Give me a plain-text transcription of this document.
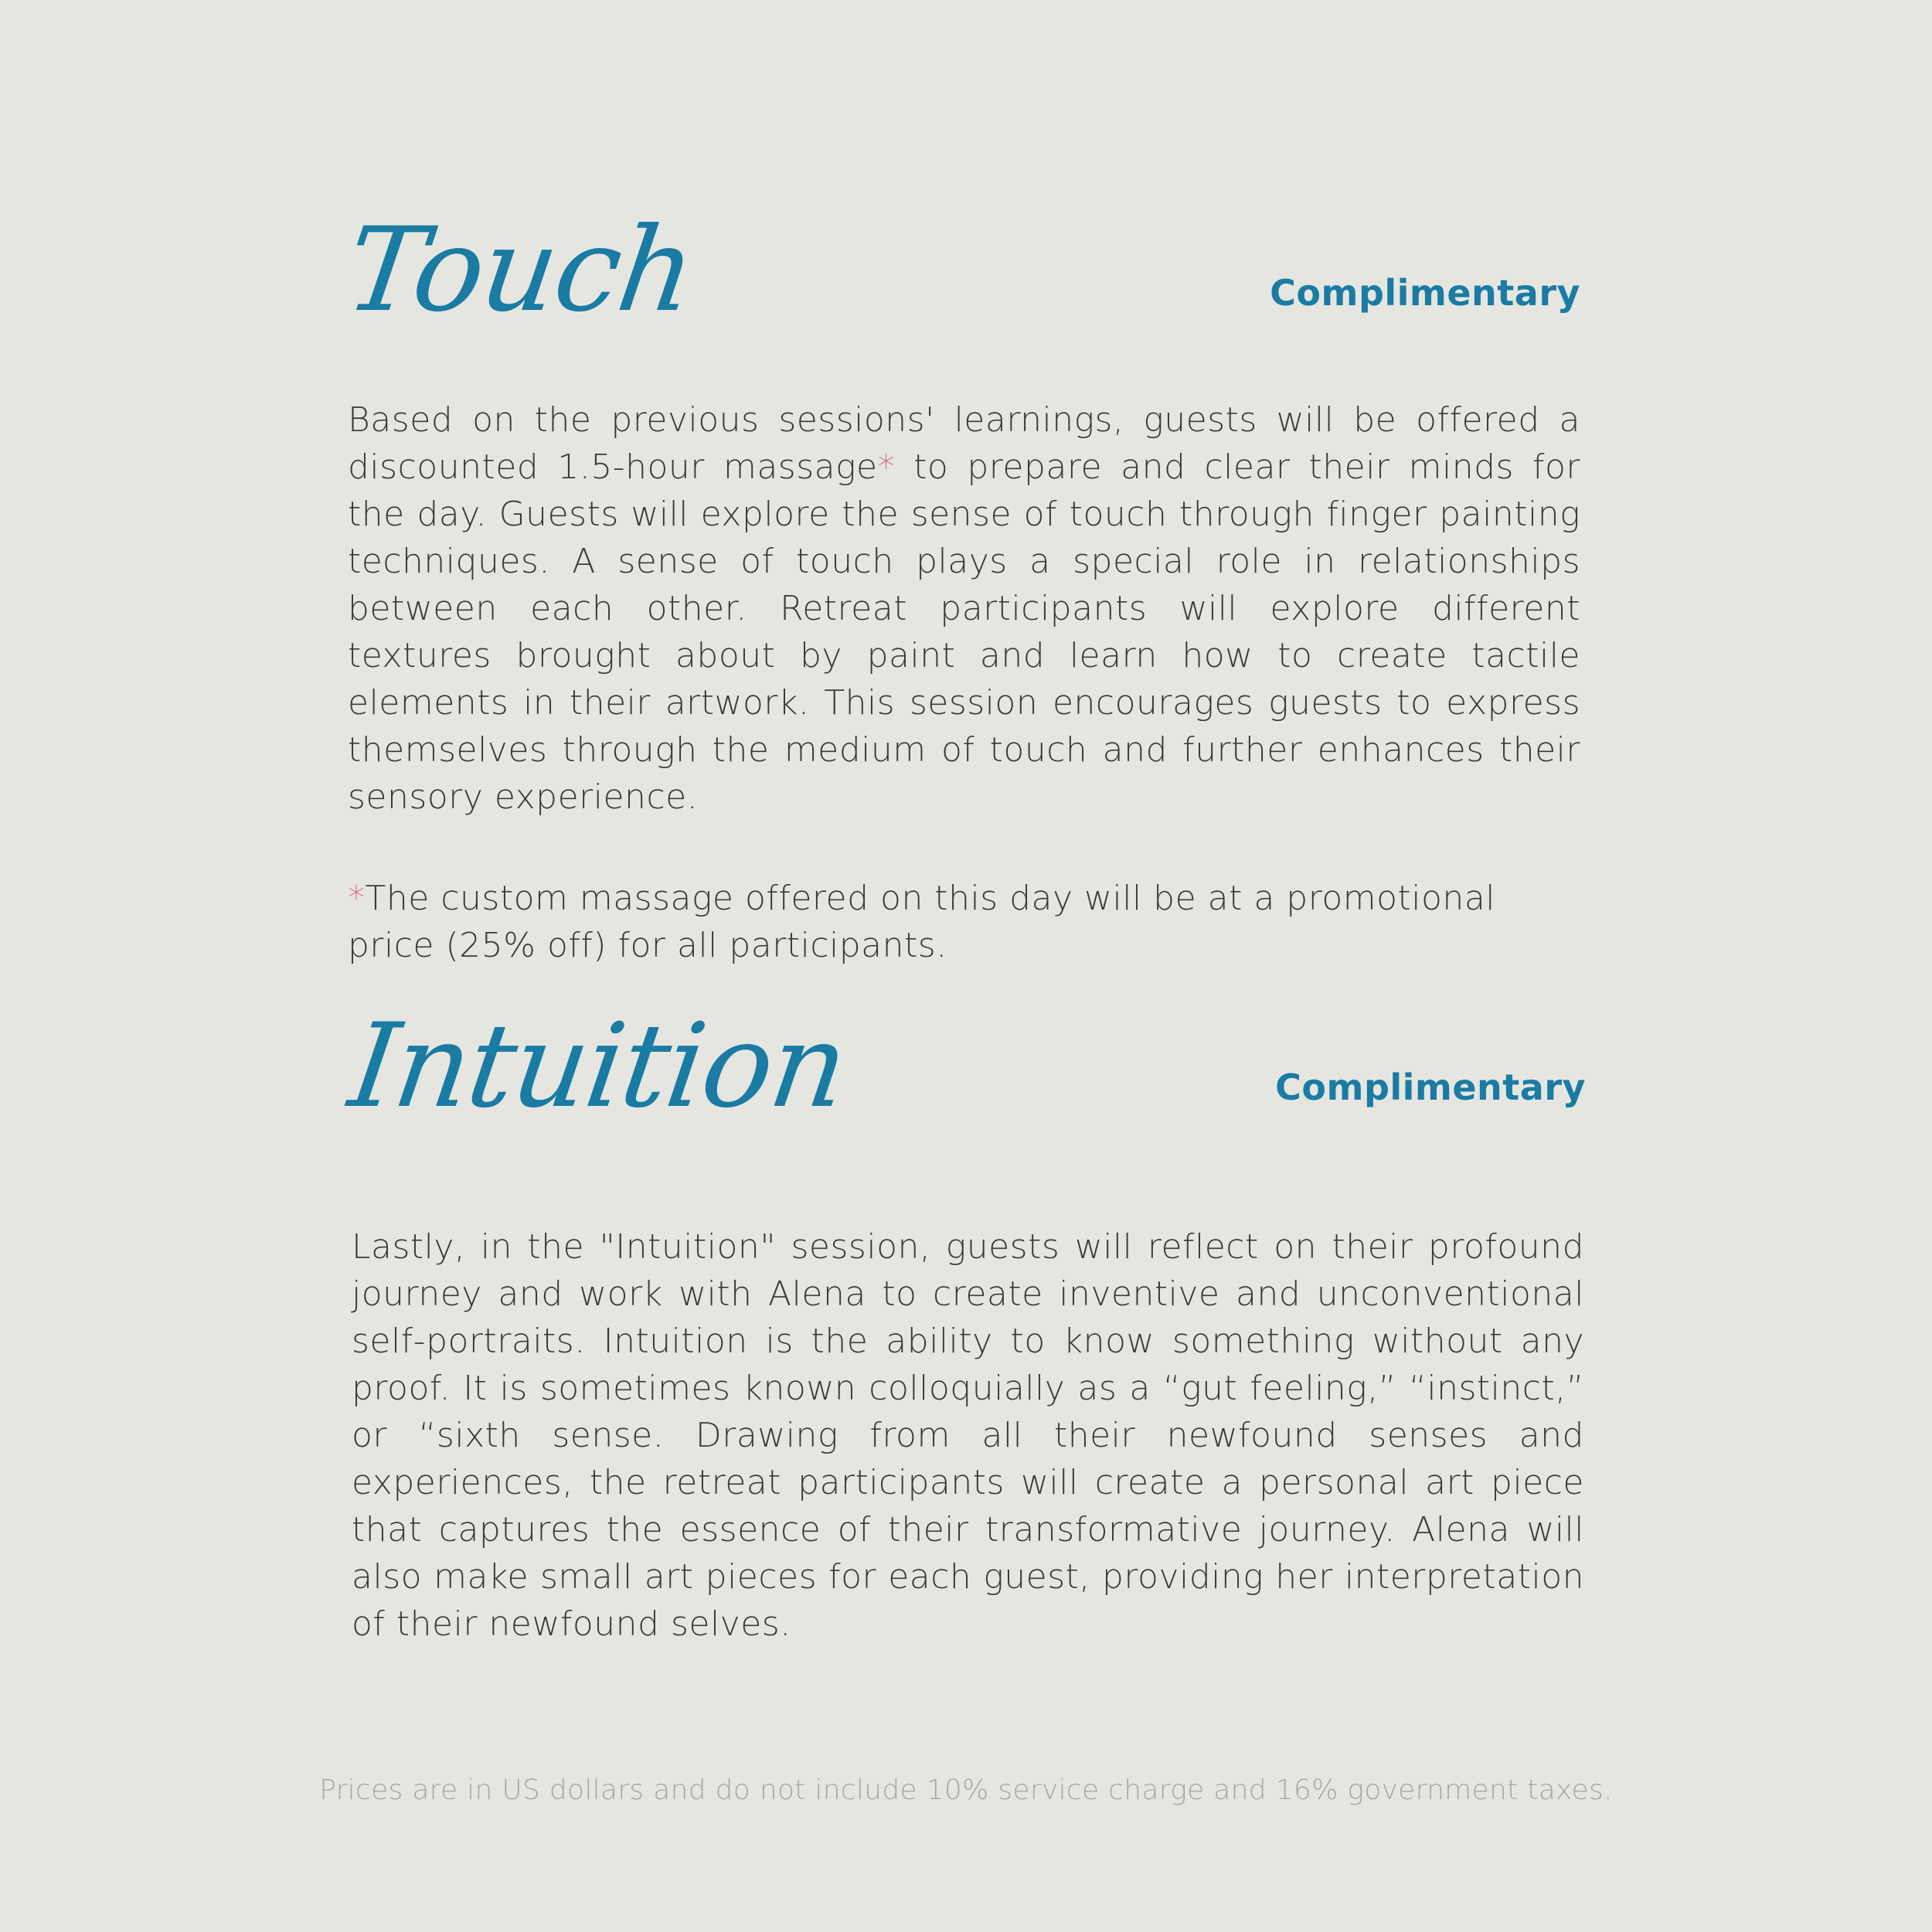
Touch	Complimentary
Based on the previous sessions' learnings, guests will be offered a discounted 1.5-hour massage* to prepare and clear their minds for the day. Guests will explore the sense of touch through finger painting techniques. A sense of touch plays a special role in relationships between each other. Retreat participants will explore different textures brought about by paint and learn how to create tactile elements in their artwork. This session encourages guests to express themselves through the medium of touch and further enhances their sensory experience.
*The custom massage offered on this day will be at a promotional price (25% off) for all participants.
Intuition	Complimentary
Lastly, in the "Intuition" session, guests will reflect on their profound journey and work with Alena to create inventive and unconventional self-portraits. Intuition is the ability to know something without any proof. It is sometimes known colloquially as a “gut feeling,” “instinct,” or “sixth sense. Drawing from all their newfound senses and experiences, the retreat participants will create a personal art piece that captures the essence of their transformative journey. Alena will also make small art pieces for each guest, providing her interpretation of their newfound selves.
Prices are in US dollars and do not include 10% service charge and 16% government taxes.
